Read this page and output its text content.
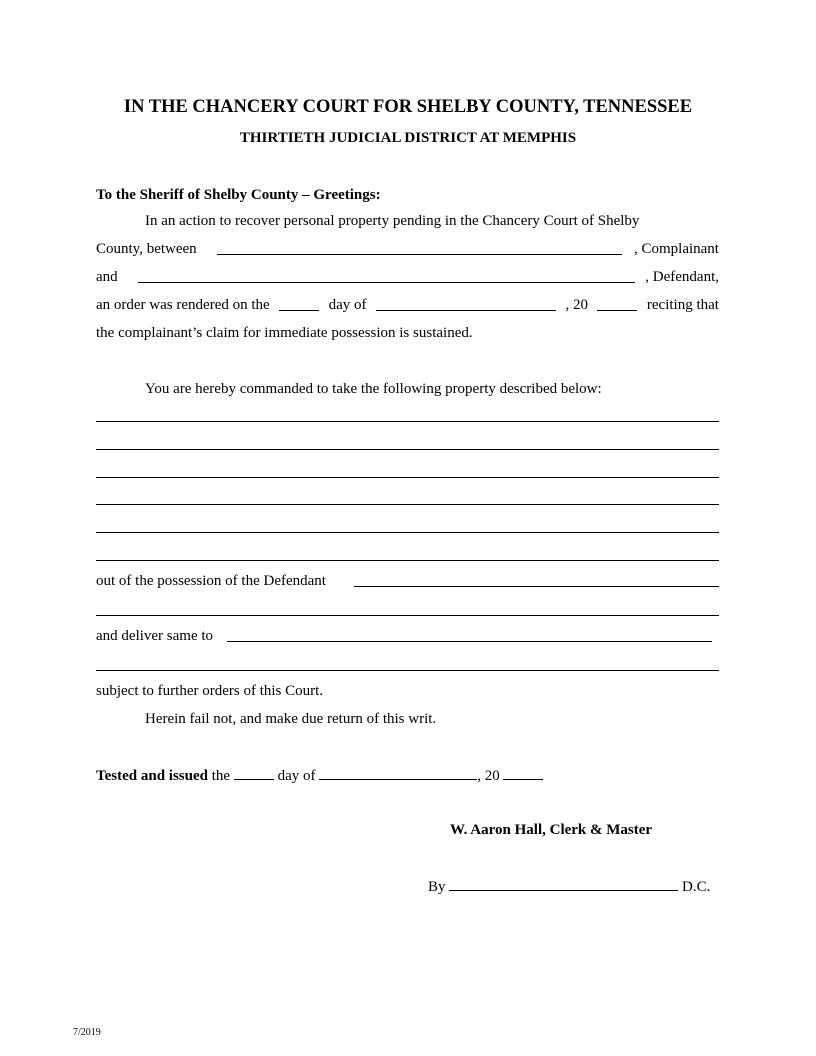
IN THE CHANCERY COURT FOR SHELBY COUNTY, TENNESSEE
THIRTIETH JUDICIAL DISTRICT AT MEMPHIS
To the Sheriff of Shelby County – Greetings:
In an action to recover personal property pending in the Chancery Court of Shelby
County, between	, Complainant
and	, Defendant,
an order was rendered on the	day of	, 20	reciting that
the complainant’s claim for immediate possession is sustained.
You are hereby commanded to take the following property described below:
out of the possession of the Defendant
and deliver same to
subject to further orders of this Court.
Herein fail not, and make due return of this writ.
Tested and issued the	day of	, 20
W. Aaron Hall, Clerk & Master
By	D.C.
7/2019
